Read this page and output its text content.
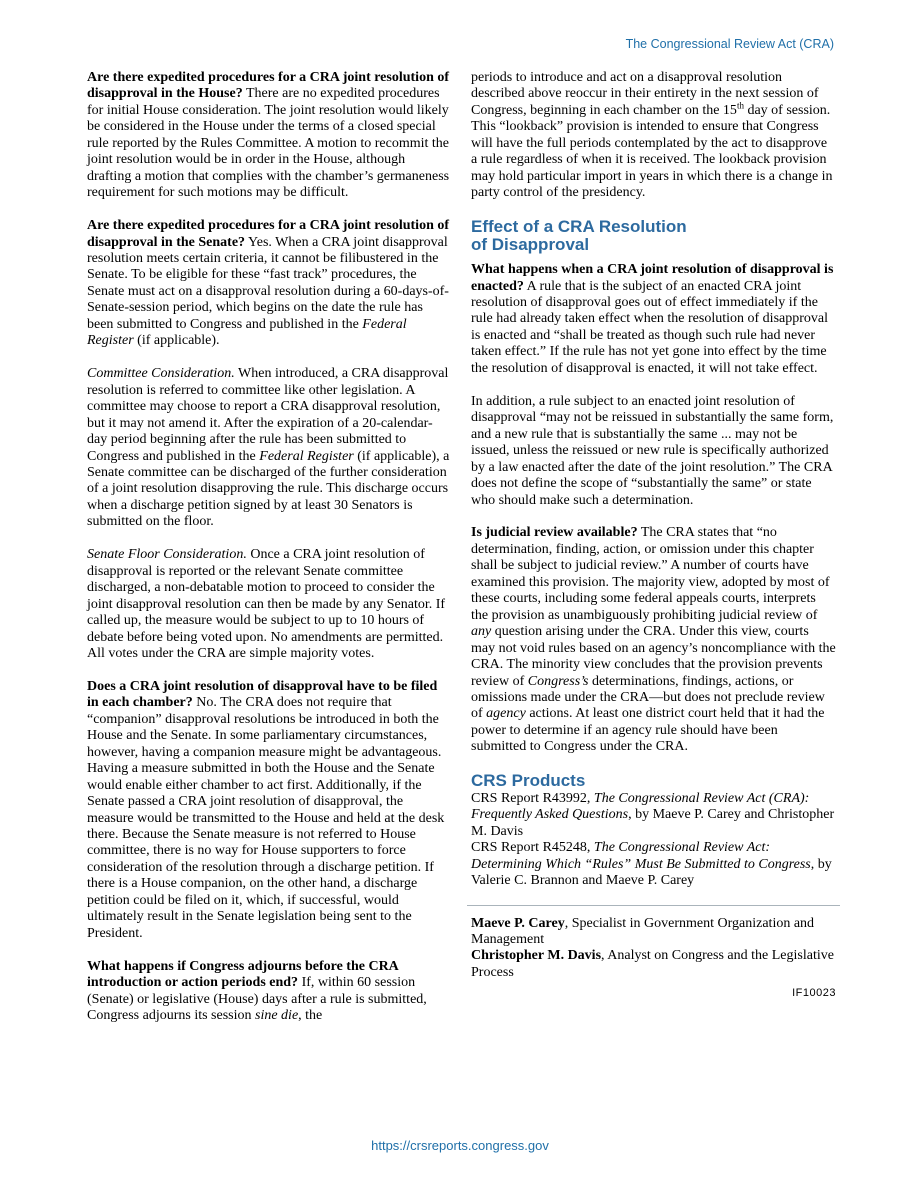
The Congressional Review Act (CRA)

Are there expedited procedures for a CRA joint resolution of disapproval in the House? There are no expedited procedures for initial House consideration. The joint resolution would likely be considered in the House under the terms of a closed special rule reported by the Rules Committee. A motion to recommit the joint resolution would be in order in the House, although drafting a motion that complies with the chamber’s germaneness requirement for such motions may be difficult.

Are there expedited procedures for a CRA joint resolution of disapproval in the Senate? Yes. When a CRA joint disapproval resolution meets certain criteria, it cannot be filibustered in the Senate. To be eligible for these “fast track” procedures, the Senate must act on a disapproval resolution during a 60-days-of-Senate-session period, which begins on the date the rule has been submitted to Congress and published in the Federal Register (if applicable).

Committee Consideration. When introduced, a CRA disapproval resolution is referred to committee like other legislation. A committee may choose to report a CRA disapproval resolution, but it may not amend it. After the expiration of a 20-calendar-day period beginning after the rule has been submitted to Congress and published in the Federal Register (if applicable), a Senate committee can be discharged of the further consideration of a joint resolution disapproving the rule. This discharge occurs when a discharge petition signed by at least 30 Senators is submitted on the floor.

Senate Floor Consideration. Once a CRA joint resolution of disapproval is reported or the relevant Senate committee discharged, a non-debatable motion to proceed to consider the joint disapproval resolution can then be made by any Senator. If called up, the measure would be subject to up to 10 hours of debate before being voted upon. No amendments are permitted. All votes under the CRA are simple majority votes.

Does a CRA joint resolution of disapproval have to be filed in each chamber? No. The CRA does not require that “companion” disapproval resolutions be introduced in both the House and the Senate. In some parliamentary circumstances, however, having a companion measure might be advantageous. Having a measure submitted in both the House and the Senate would enable either chamber to act first. Additionally, if the Senate passed a CRA joint resolution of disapproval, the measure would be transmitted to the House and held at the desk there. Because the Senate measure is not referred to House committee, there is no way for House supporters to force consideration of the resolution through a discharge petition. If there is a House companion, on the other hand, a discharge petition could be filed on it, which, if successful, would ultimately result in the Senate legislation being sent to the President.

What happens if Congress adjourns before the CRA introduction or action periods end? If, within 60 session (Senate) or legislative (House) days after a rule is submitted, Congress adjourns its session sine die, the

periods to introduce and act on a disapproval resolution described above reoccur in their entirety in the next session of Congress, beginning in each chamber on the 15th day of session. This “lookback” provision is intended to ensure that Congress will have the full periods contemplated by the act to disapprove a rule regardless of when it is received. The lookback provision may hold particular import in years in which there is a change in party control of the presidency.

Effect of a CRA Resolution
of Disapproval

What happens when a CRA joint resolution of disapproval is enacted? A rule that is the subject of an enacted CRA joint resolution of disapproval goes out of effect immediately if the rule had already taken effect when the resolution of disapproval is enacted and “shall be treated as though such rule had never taken effect.” If the rule has not yet gone into effect by the time the resolution of disapproval is enacted, it will not take effect.

In addition, a rule subject to an enacted joint resolution of disapproval “may not be reissued in substantially the same form, and a new rule that is substantially the same ... may not be issued, unless the reissued or new rule is specifically authorized by a law enacted after the date of the joint resolution.” The CRA does not define the scope of “substantially the same” or state who should make such a determination.

Is judicial review available? The CRA states that “no determination, finding, action, or omission under this chapter shall be subject to judicial review.” A number of courts have examined this provision. The majority view, adopted by most of these courts, including some federal appeals courts, interprets the provision as unambiguously prohibiting judicial review of any question arising under the CRA. Under this view, courts may not void rules based on an agency’s noncompliance with the CRA. The minority view concludes that the provision prevents review of Congress’s determinations, findings, actions, or omissions made under the CRA—but does not preclude review of agency actions. At least one district court held that it had the power to determine if an agency rule should have been submitted to Congress under the CRA.

CRS Products

CRS Report R43992, The Congressional Review Act (CRA): Frequently Asked Questions, by Maeve P. Carey and Christopher M. Davis

CRS Report R45248, The Congressional Review Act: Determining Which “Rules” Must Be Submitted to Congress, by Valerie C. Brannon and Maeve P. Carey

Maeve P. Carey, Specialist in Government Organization and Management

Christopher M. Davis, Analyst on Congress and the Legislative Process

IF10023
https://crsreports.congress.gov
